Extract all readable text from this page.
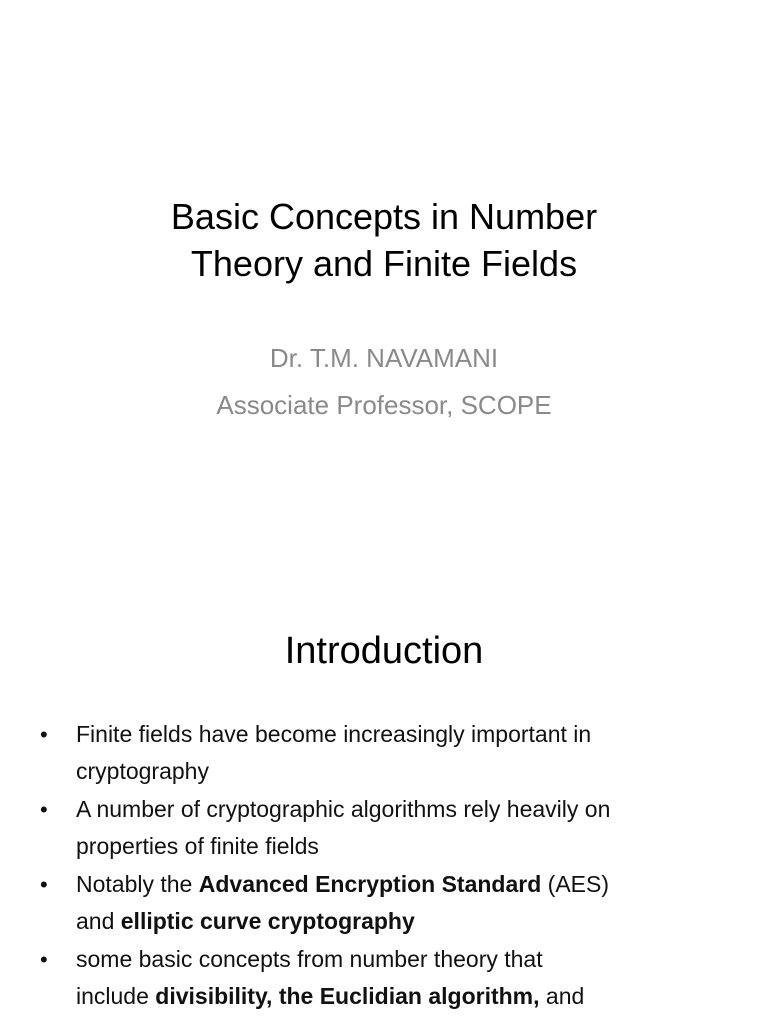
Basic Concepts in Number
Theory and Finite Fields
Dr. T.M. NAVAMANI
Associate Professor, SCOPE
Introduction
•	Finite fields have become increasingly important in
cryptography
•	A number of cryptographic algorithms rely heavily on
properties of finite fields
•	Notably the Advanced Encryption Standard (AES)
and elliptic curve cryptography
•	some basic concepts from number theory that
include divisibility, the Euclidian algorithm, and
